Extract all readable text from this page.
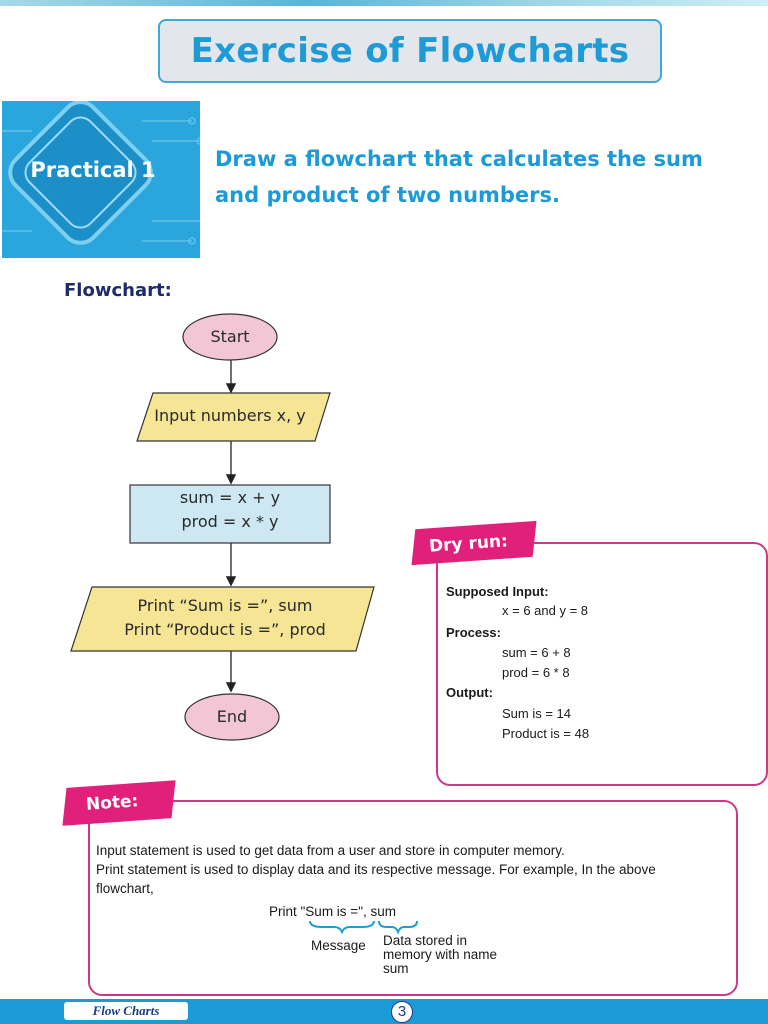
Exercise of Flowcharts
Practical 1	Draw a flowchart that calculates the sum
and product of two numbers.
Flowchart:
Start
Input numbers x, y
sum = x + y
prod = x * y
Print “Sum is =”, sum
Print “Product is =”, prod
End
Dry run:
Supposed Input:
x = 6 and y = 8
Process:
sum = 6 + 8
prod = 6 * 8
Output:
Sum is = 14
Product is = 48
Note:
Input statement is used to get data from a user and store in computer memory.
Print statement is used to display data and its respective message. For example, In the above
flowchart,
Print "Sum is =", sum
Message Data stored in
memory with name
sum
Flow Charts	3
